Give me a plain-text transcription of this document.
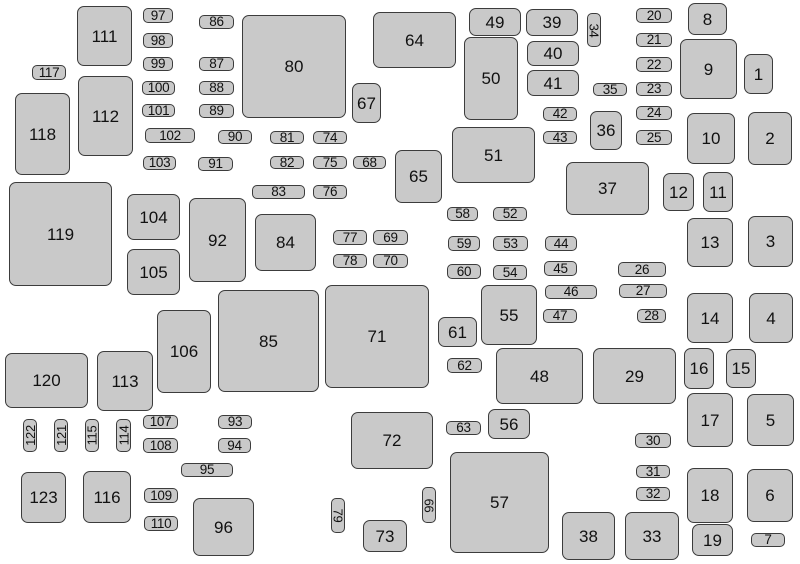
1
2
3
4
5
6
7
8
9
10
11
12
13
14
15
16
17
18
19
20
21
22
23
24
25
26
27
28
29
30
31
32
33
34
35
36
37
38
39
40
41
42
43
44
45
46
47
48
49
50
51
52
53
54
55
56
57
58
59
60
61
62
63
64
65
66
67
68
69
70
71
72
73
74
75
76
77
78
79
80
81
82
83
84
85
86
87
88
89
90
91
92
93
94
95
96
97
98
99
100
101
102
103
104
105
106
107
108
109
110
111
112
113
114
115
116
117
118
119
120
121
122
123
